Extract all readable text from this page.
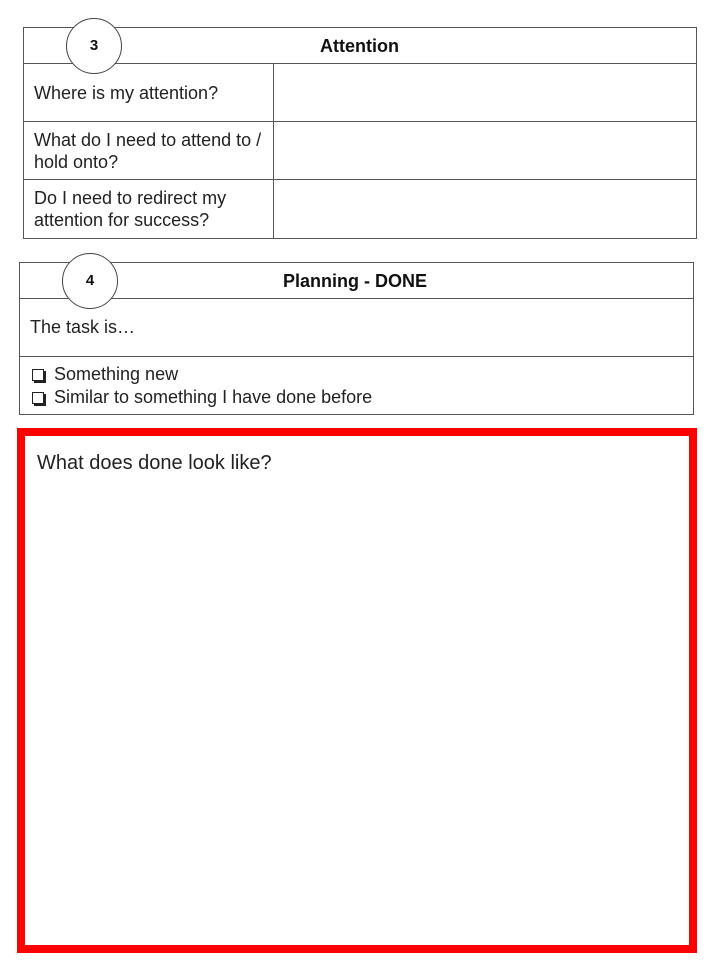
3	Attention
Where is my attention?
What do I need to attend to / hold onto?
Do I need to redirect my attention for success?
4	Planning - DONE
The task is…
Something new
Similar to something I have done before
What does done look like?
